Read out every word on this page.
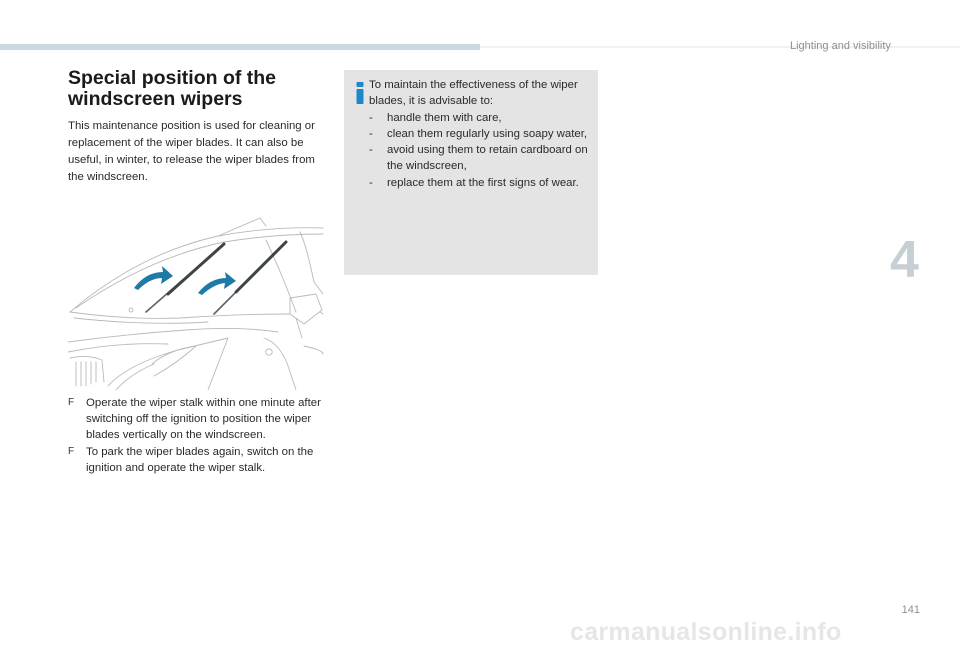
Lighting and visibility
Special position of the windscreen wipers

This maintenance position is used for cleaning or replacement of the wiper blades. It can also be useful, in winter, to release the wiper blades from the windscreen.

F	Operate the wiper stalk within one minute after switching off the ignition to position the wiper blades vertically on the windscreen.
F	To park the wiper blades again, switch on the ignition and operate the wiper stalk.

To maintain the effectiveness of the wiper blades, it is advisable to:

-	handle them with care,
-	clean them regularly using soapy water,
-	avoid using them to retain cardboard on the windscreen,
-	replace them at the first signs of wear.
4
141
carmanualsonline.info
